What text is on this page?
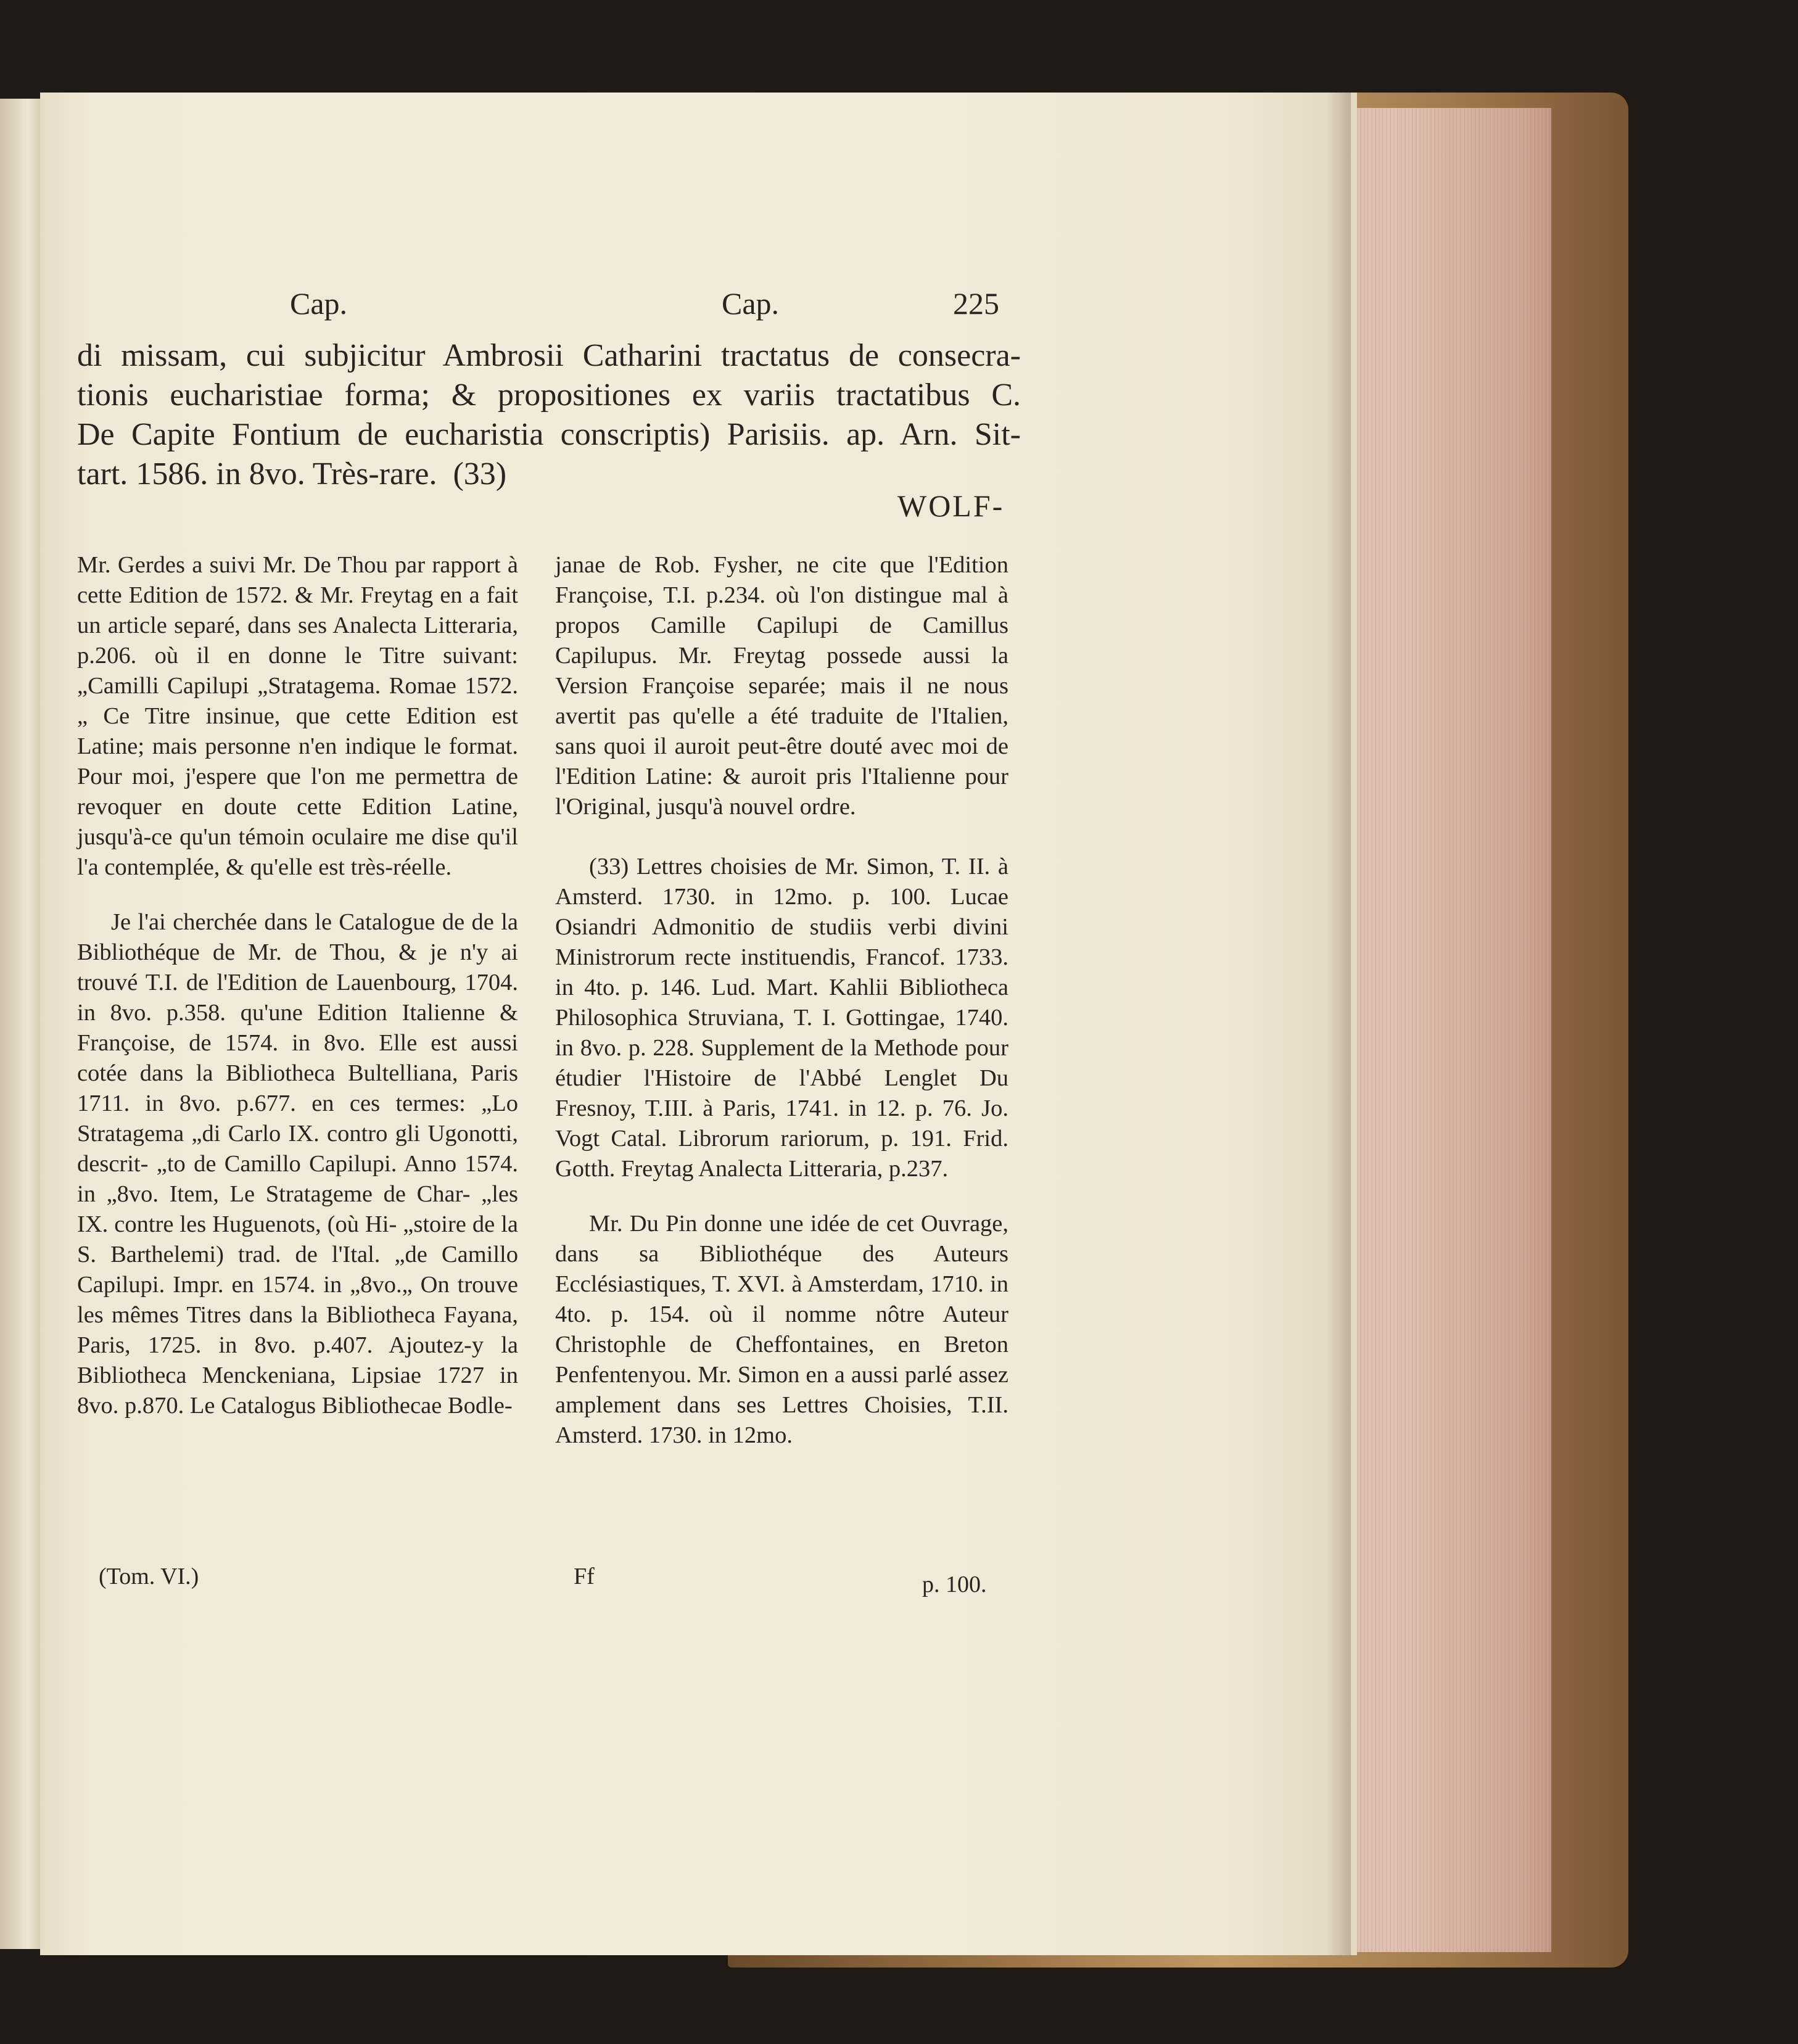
Cap.	Cap.	225
di missam, cui subjicitur Ambrosii Catharini tractatus de consecra-
tionis eucharistiae forma; & propositiones ex variis tractatibus C.
De Capite Fontium de eucharistia conscriptis) Parisiis. ap. Arn. Sit-
tart. 1586. in 8vo. Très-rare. (33)
WOLF-

Mr. Gerdes a suivi Mr. De Thou par rapport à cette Edition de 1572. & Mr. Freytag en a fait un article separé, dans ses Analecta Litteraria, p.206. où il en donne le Titre suivant: „Camilli Capilupi „Stratagema. Romae 1572.„ Ce Titre insinue, que cette Edition est Latine; mais personne n'en indique le format. Pour moi, j'espere que l'on me permettra de revoquer en doute cette Edition Latine, jusqu'à-ce qu'un témoin oculaire me dise qu'il l'a contemplée, & qu'elle est très-réelle.

Je l'ai cherchée dans le Catalogue de de la Bibliothéque de Mr. de Thou, & je n'y ai trouvé T.I. de l'Edition de Lauenbourg, 1704. in 8vo. p.358. qu'une Edition Italienne & Françoise, de 1574. in 8vo. Elle est aussi cotée dans la Bibliotheca Bultelliana, Paris 1711. in 8vo. p.677. en ces termes: „Lo Stratagema „di Carlo IX. contro gli Ugonotti, descrit- „to de Camillo Capilupi. Anno 1574. in „8vo. Item, Le Stratageme de Char- „les IX. contre les Huguenots, (où Hi- „stoire de la S. Barthelemi) trad. de l'Ital. „de Camillo Capilupi. Impr. en 1574. in „8vo.„ On trouve les mêmes Titres dans la Bibliotheca Fayana, Paris, 1725. in 8vo. p.407. Ajoutez-y la Bibliotheca Menckeniana, Lipsiae 1727 in 8vo. p.870. Le Catalogus Bibliothecae Bodle-

janae de Rob. Fysher, ne cite que l'Edition Françoise, T.I. p.234. où l'on distingue mal à propos Camille Capilupi de Camillus Capilupus. Mr. Freytag possede aussi la Version Françoise separée; mais il ne nous avertit pas qu'elle a été traduite de l'Italien, sans quoi il auroit peut-être douté avec moi de l'Edition Latine: & auroit pris l'Italienne pour l'Original, jusqu'à nouvel ordre.

(33) Lettres choisies de Mr. Simon, T. II. à Amsterd. 1730. in 12mo. p. 100. Lucae Osiandri Admonitio de studiis verbi divini Ministrorum recte instituendis, Francof. 1733. in 4to. p. 146. Lud. Mart. Kahlii Bibliotheca Philosophica Struviana, T. I. Gottingae, 1740. in 8vo. p. 228. Supplement de la Methode pour étudier l'Histoire de l'Abbé Lenglet Du Fresnoy, T.III. à Paris, 1741. in 12. p. 76. Jo. Vogt Catal. Librorum rariorum, p. 191. Frid. Gotth. Freytag Analecta Litteraria, p.237.

Mr. Du Pin donne une idée de cet Ouvrage, dans sa Bibliothéque des Auteurs Ecclésiastiques, T. XVI. à Amsterdam, 1710. in 4to. p. 154. où il nomme nôtre Auteur Christophle de Cheffontaines, en Breton Penfentenyou. Mr. Simon en a aussi parlé assez amplement dans ses Lettres Choisies, T.II. Amsterd. 1730. in 12mo.

(Tom. VI.)	Ff	p. 100.
